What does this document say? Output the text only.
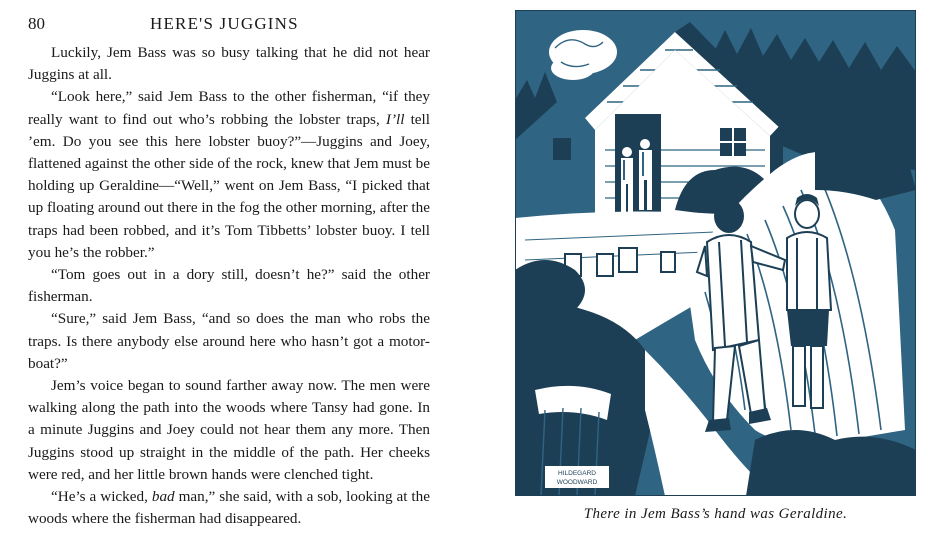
80	HERE'S JUGGINS

Luckily, Jem Bass was so busy talking that he did not hear Juggins at all.

“Look here,” said Jem Bass to the other fisherman, “if they really want to find out who’s robbing the lobster traps, I’ll tell ’em. Do you see this here lobster buoy?”—Juggins and Joey, flattened against the other side of the rock, knew that Jem must be holding up Geraldine—“Well,” went on Jem Bass, “I picked that up floating around out there in the fog the other morning, after the traps had been robbed, and it’s Tom Tibbetts’ lobster buoy. I tell you he’s the robber.”

“Tom goes out in a dory still, doesn’t he?” said the other fisherman.

“Sure,” said Jem Bass, “and so does the man who robs the traps. Is there anybody else around here who hasn’t got a motor-boat?”

Jem’s voice began to sound farther away now. The men were walking along the path into the woods where Tansy had gone. In a minute Juggins and Joey could not hear them any more. Then Juggins stood up straight in the middle of the path. Her cheeks were red, and her little brown hands were clenched tight.

“He’s a wicked, bad man,” she said, with a sob, looking at the woods where the fisherman had disappeared.

HILDEGARD
WOODWARD
There in Jem Bass’s hand was Geraldine.
